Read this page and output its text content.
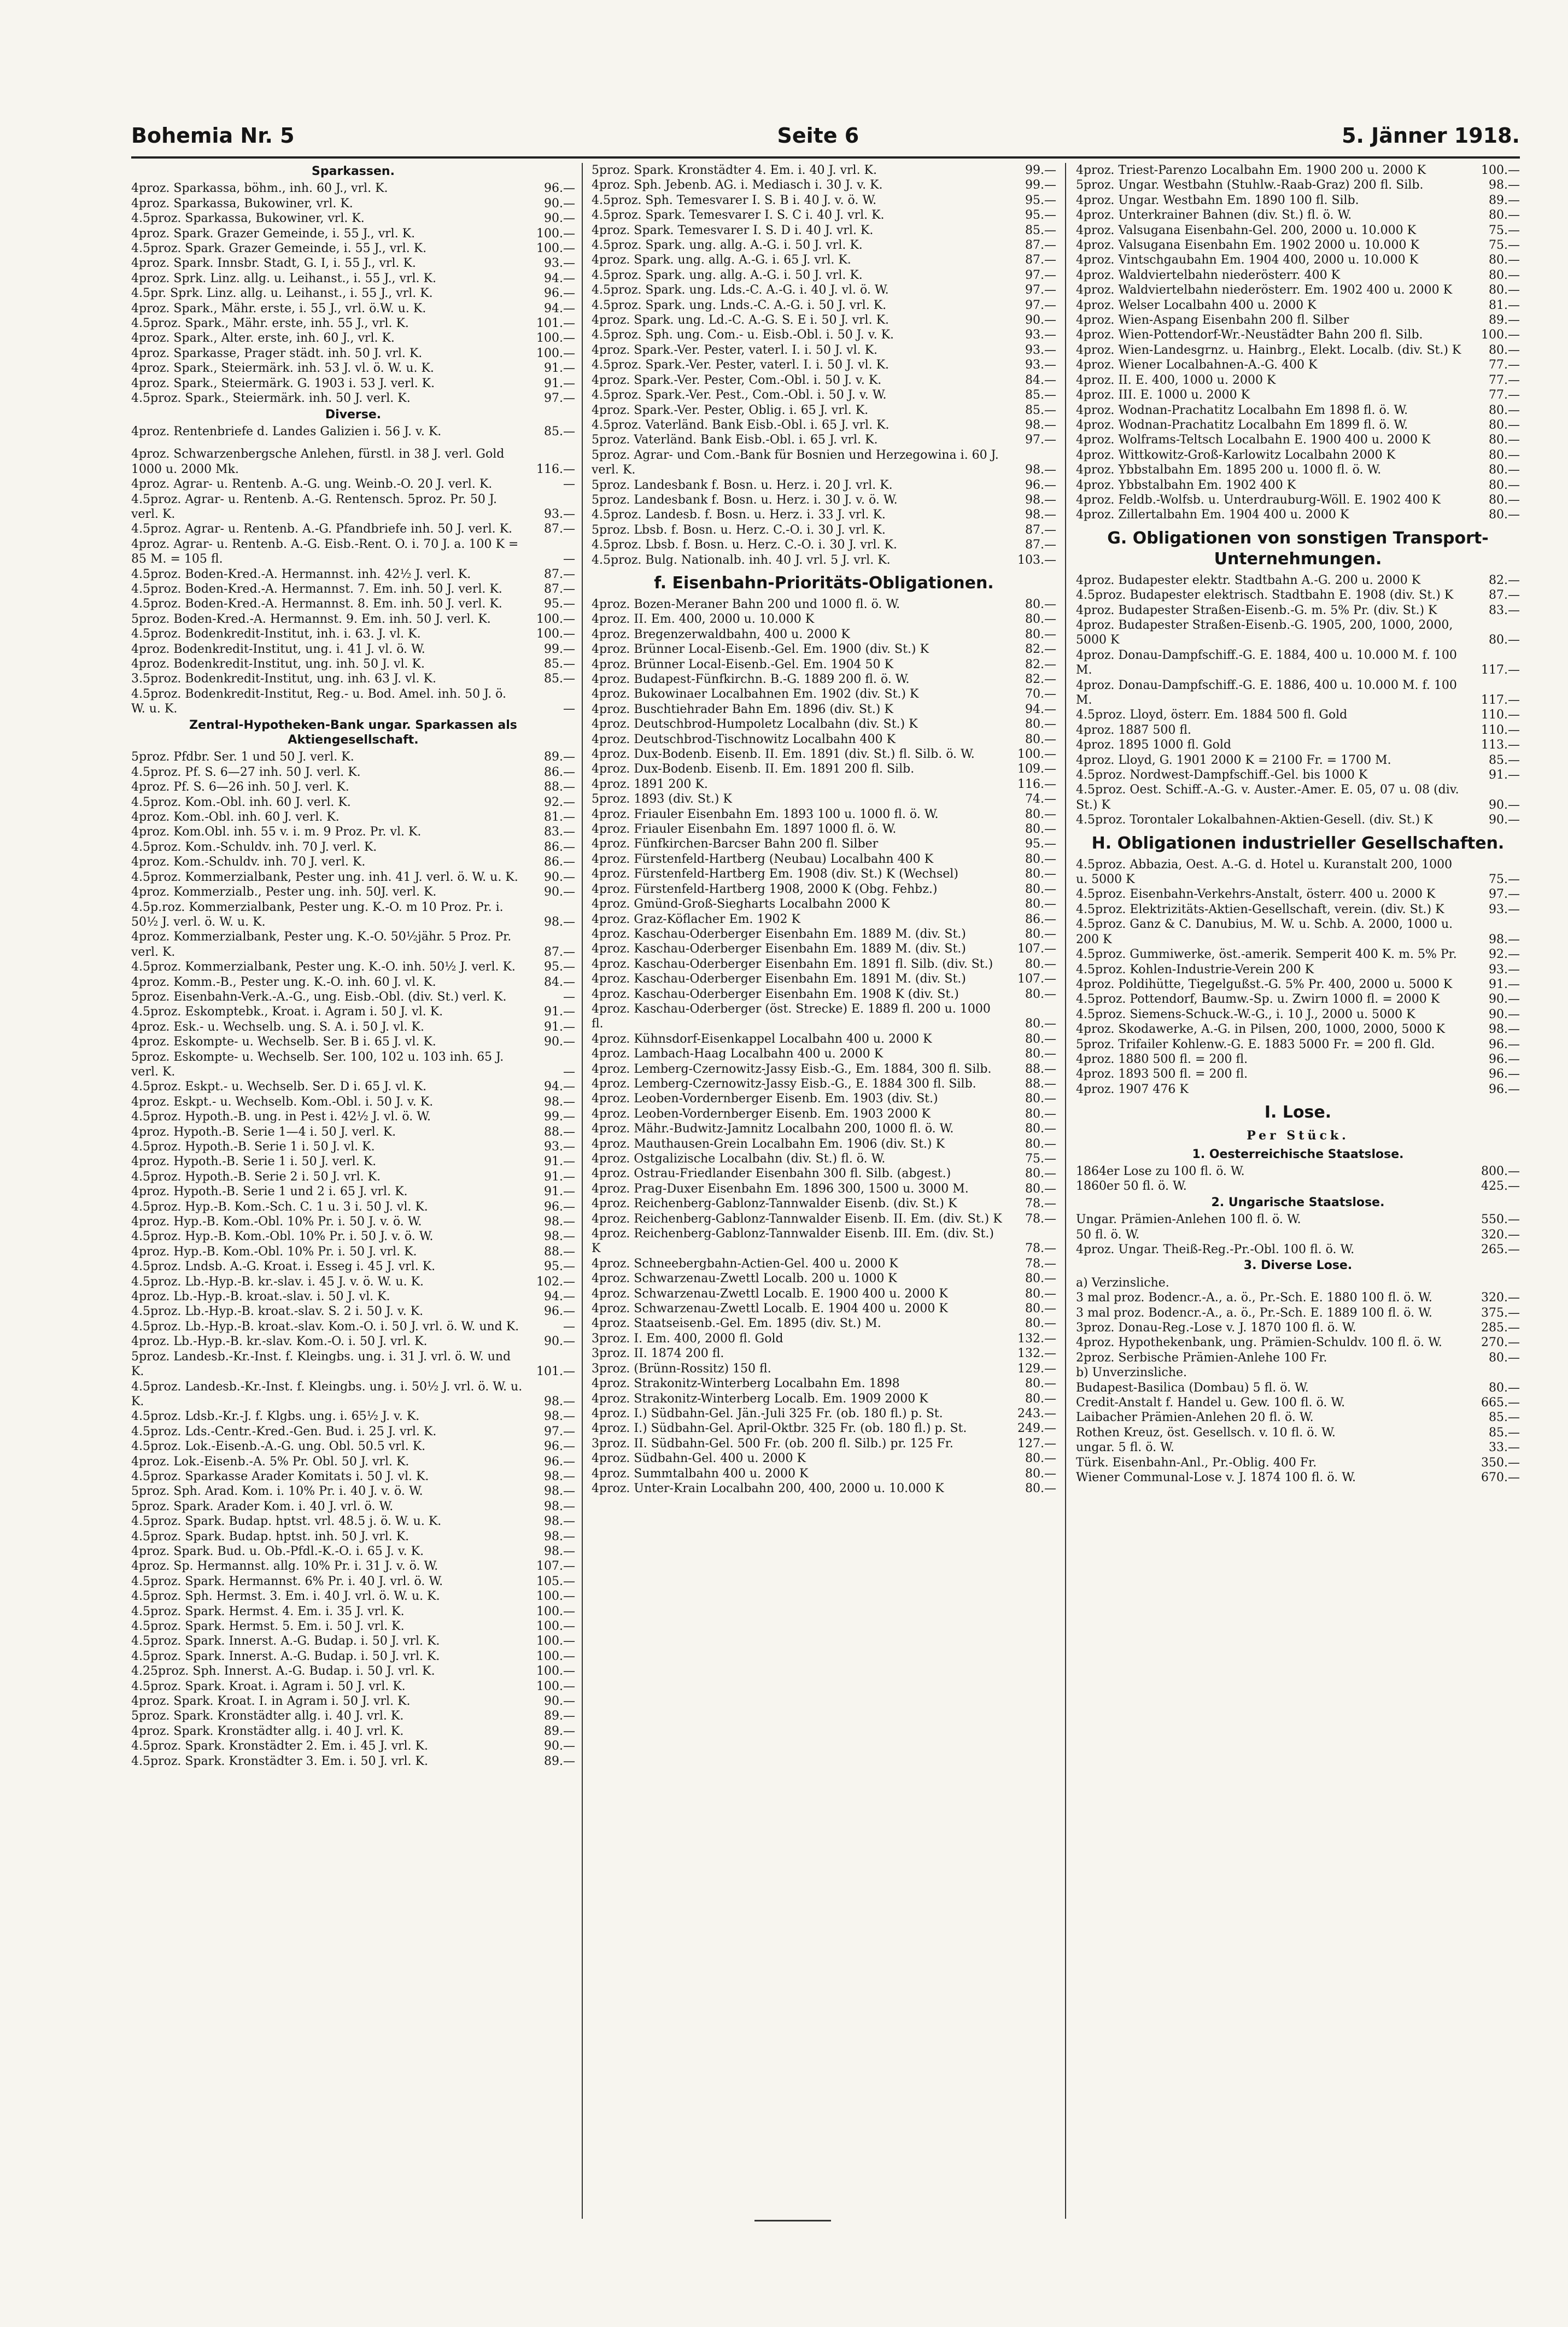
Bohemia Nr. 5	Seite 6	5. Jänner 1918.
Sparkassen.
4proz. Sparkassa, böhm., inh. 60 J., vrl. K.	96.—
4proz. Sparkassa, Bukowiner, vrl. K.	90.—
4.5proz. Sparkassa, Bukowiner, vrl. K.	90.—
4proz. Spark. Grazer Gemeinde, i. 55 J., vrl. K.	100.—
4.5proz. Spark. Grazer Gemeinde, i. 55 J., vrl. K.	100.—
4proz. Spark. Innsbr. Stadt, G. I, i. 55 J., vrl. K.	93.—
4proz. Sprk. Linz. allg. u. Leihanst., i. 55 J., vrl. K.	94.—
4.5pr. Sprk. Linz. allg. u. Leihanst., i. 55 J., vrl. K.	96.—
4proz. Spark., Mähr. erste, i. 55 J., vrl. ö.W. u. K.	94.—
4.5proz. Spark., Mähr. erste, inh. 55 J., vrl. K.	101.—
4proz. Spark., Alter. erste, inh. 60 J., vrl. K.	100.—
4proz. Sparkasse, Prager städt. inh. 50 J. vrl. K.	100.—
4proz. Spark., Steiermärk. inh. 53 J. vl. ö. W. u. K.	91.—
4proz. Spark., Steiermärk. G. 1903 i. 53 J. verl. K.	91.—
4.5proz. Spark., Steiermärk. inh. 50 J. verl. K.	97.—
Diverse.
4proz. Rentenbriefe d. Landes Galizien i. 56 J. v. K.	85.—
4proz. Schwarzenbergsche Anlehen, fürstl. in 38 J. verl. Gold 1000 u. 2000 Mk.	116.—
4proz. Agrar- u. Rentenb. A.-G. ung. Weinb.-O. 20 J. verl. K.	—
4.5proz. Agrar- u. Rentenb. A.-G. Rentensch. 5proz. Pr. 50 J. verl. K.	93.—
4.5proz. Agrar- u. Rentenb. A.-G. Pfandbriefe inh. 50 J. verl. K.	87.—
4proz. Agrar- u. Rentenb. A.-G. Eisb.-Rent. O. i. 70 J. a. 100 K = 85 M. = 105 fl.	—
4.5proz. Boden-Kred.-A. Hermannst. inh. 42½ J. verl. K.	87.—
4.5proz. Boden-Kred.-A. Hermannst. 7. Em. inh. 50 J. verl. K.	87.—
4.5proz. Boden-Kred.-A. Hermannst. 8. Em. inh. 50 J. verl. K.	95.—
5proz. Boden-Kred.-A. Hermannst. 9. Em. inh. 50 J. verl. K.	100.—
4.5proz. Bodenkredit-Institut, inh. i. 63. J. vl. K.	100.—
4proz. Bodenkredit-Institut, ung. i. 41 J. vl. ö. W.	99.—
4proz. Bodenkredit-Institut, ung. inh. 50 J. vl. K.	85.—
3.5proz. Bodenkredit-Institut, ung. inh. 63 J. vl. K.	85.—
4.5proz. Bodenkredit-Institut, Reg.- u. Bod. Amel. inh. 50 J. ö. W. u. K.	—
Zentral-Hypotheken-Bank ungar. Sparkassen als Aktiengesellschaft.
5proz. Pfdbr. Ser. 1 und 50 J. verl. K.	89.—
4.5proz. Pf. S. 6—27 inh. 50 J. verl. K.	86.—
4proz. Pf. S. 6—26 inh. 50 J. verl. K.	88.—
4.5proz. Kom.-Obl. inh. 60 J. verl. K.	92.—
4proz. Kom.-Obl. inh. 60 J. verl. K.	81.—
4proz. Kom.Obl. inh. 55 v. i. m. 9 Proz. Pr. vl. K.	83.—
4.5proz. Kom.-Schuldv. inh. 70 J. verl. K.	86.—
4proz. Kom.-Schuldv. inh. 70 J. verl. K.	86.—
4.5proz. Kommerzialbank, Pester ung. inh. 41 J. verl. ö. W. u. K.	90.—
4proz. Kommerzialb., Pester ung. inh. 50J. verl. K.	90.—
4.5p.roz. Kommerzialbank, Pester ung. K.-O. m 10 Proz. Pr. i. 50½ J. verl. ö. W. u. K.	98.—
4proz. Kommerzialbank, Pester ung. K.-O. 50½jähr. 5 Proz. Pr. verl. K.	87.—
4.5proz. Kommerzialbank, Pester ung. K.-O. inh. 50½ J. verl. K.	95.—
4proz. Komm.-B., Pester ung. K.-O. inh. 60 J. vl. K.	84.—
5proz. Eisenbahn-Verk.-A.-G., ung. Eisb.-Obl. (div. St.) verl. K.	—
4.5proz. Eskomptebk., Kroat. i. Agram i. 50 J. vl. K.	91.—
4proz. Esk.- u. Wechselb. ung. S. A. i. 50 J. vl. K.	91.—
4proz. Eskompte- u. Wechselb. Ser. B i. 65 J. vl. K.	90.—
5proz. Eskompte- u. Wechselb. Ser. 100, 102 u. 103 inh. 65 J. verl. K.	—
4.5proz. Eskpt.- u. Wechselb. Ser. D i. 65 J. vl. K.	94.—
4proz. Eskpt.- u. Wechselb. Kom.-Obl. i. 50 J. v. K.	98.—
4.5proz. Hypoth.-B. ung. in Pest i. 42½ J. vl. ö. W.	99.—
4proz. Hypoth.-B. Serie 1—4 i. 50 J. verl. K.	88.—
4.5proz. Hypoth.-B. Serie 1 i. 50 J. vl. K.	93.—
4proz. Hypoth.-B. Serie 1 i. 50 J. verl. K.	91.—
4.5proz. Hypoth.-B. Serie 2 i. 50 J. vrl. K.	91.—
4proz. Hypoth.-B. Serie 1 und 2 i. 65 J. vrl. K.	91.—
4.5proz. Hyp.-B. Kom.-Sch. C. 1 u. 3 i. 50 J. vl. K.	96.—
4proz. Hyp.-B. Kom.-Obl. 10% Pr. i. 50 J. v. ö. W.	98.—
4.5proz. Hyp.-B. Kom.-Obl. 10% Pr. i. 50 J. v. ö. W.	98.—
4proz. Hyp.-B. Kom.-Obl. 10% Pr. i. 50 J. vrl. K.	88.—
4.5proz. Lndsb. A.-G. Kroat. i. Esseg i. 45 J. vrl. K.	95.—
4.5proz. Lb.-Hyp.-B. kr.-slav. i. 45 J. v. ö. W. u. K.	102.—
4proz. Lb.-Hyp.-B. kroat.-slav. i. 50 J. vl. K.	94.—
4.5proz. Lb.-Hyp.-B. kroat.-slav. S. 2 i. 50 J. v. K.	96.—
4.5proz. Lb.-Hyp.-B. kroat.-slav. Kom.-O. i. 50 J. vrl. ö. W. und K.	—
4proz. Lb.-Hyp.-B. kr.-slav. Kom.-O. i. 50 J. vrl. K.	90.—
5proz. Landesb.-Kr.-Inst. f. Kleingbs. ung. i. 31 J. vrl. ö. W. und K.	101.—
4.5proz. Landesb.-Kr.-Inst. f. Kleingbs. ung. i. 50½ J. vrl. ö. W. u. K.	98.—
4.5proz. Ldsb.-Kr.-J. f. Klgbs. ung. i. 65½ J. v. K.	98.—
4.5proz. Lds.-Centr.-Kred.-Gen. Bud. i. 25 J. vrl. K.	97.—
4.5proz. Lok.-Eisenb.-A.-G. ung. Obl. 50.5 vrl. K.	96.—
4proz. Lok.-Eisenb.-A. 5% Pr. Obl. 50 J. vrl. K.	96.—
4.5proz. Sparkasse Arader Komitats i. 50 J. vl. K.	98.—
5proz. Sph. Arad. Kom. i. 10% Pr. i. 40 J. v. ö. W.	98.—
5proz. Spark. Arader Kom. i. 40 J. vrl. ö. W.	98.—
4.5proz. Spark. Budap. hptst. vrl. 48.5 j. ö. W. u. K.	98.—
4.5proz. Spark. Budap. hptst. inh. 50 J. vrl. K.	98.—
4proz. Spark. Bud. u. Ob.-Pfdl.-K.-O. i. 65 J. v. K.	98.—
4proz. Sp. Hermannst. allg. 10% Pr. i. 31 J. v. ö. W.	107.—
4.5proz. Spark. Hermannst. 6% Pr. i. 40 J. vrl. ö. W.	105.—
4.5proz. Sph. Hermst. 3. Em. i. 40 J. vrl. ö. W. u. K.	100.—
4.5proz. Spark. Hermst. 4. Em. i. 35 J. vrl. K.	100.—
4.5proz. Spark. Hermst. 5. Em. i. 50 J. vrl. K.	100.—
4.5proz. Spark. Innerst. A.-G. Budap. i. 50 J. vrl. K.	100.—
4.5proz. Spark. Innerst. A.-G. Budap. i. 50 J. vrl. K.	100.—
4.25proz. Sph. Innerst. A.-G. Budap. i. 50 J. vrl. K.	100.—
4.5proz. Spark. Kroat. i. Agram i. 50 J. vrl. K.	100.—
4proz. Spark. Kroat. I. in Agram i. 50 J. vrl. K.	90.—
5proz. Spark. Kronstädter allg. i. 40 J. vrl. K.	89.—
4proz. Spark. Kronstädter allg. i. 40 J. vrl. K.	89.—
4.5proz. Spark. Kronstädter 2. Em. i. 45 J. vrl. K.	90.—
4.5proz. Spark. Kronstädter 3. Em. i. 50 J. vrl. K.	89.—
5proz. Spark. Kronstädter 4. Em. i. 40 J. vrl. K.	99.—
4proz. Sph. Jebenb. AG. i. Mediasch i. 30 J. v. K.	99.—
4.5proz. Sph. Temesvarer I. S. B i. 40 J. v. ö. W.	95.—
4.5proz. Spark. Temesvarer I. S. C i. 40 J. vrl. K.	95.—
4proz. Spark. Temesvarer I. S. D i. 40 J. vrl. K.	85.—
4.5proz. Spark. ung. allg. A.-G. i. 50 J. vrl. K.	87.—
4proz. Spark. ung. allg. A.-G. i. 65 J. vrl. K.	87.—
4.5proz. Spark. ung. allg. A.-G. i. 50 J. vrl. K.	97.—
4.5proz. Spark. ung. Lds.-C. A.-G. i. 40 J. vl. ö. W.	97.—
4.5proz. Spark. ung. Lnds.-C. A.-G. i. 50 J. vrl. K.	97.—
4proz. Spark. ung. Ld.-C. A.-G. S. E i. 50 J. vrl. K.	90.—
4.5proz. Sph. ung. Com.- u. Eisb.-Obl. i. 50 J. v. K.	93.—
4proz. Spark.-Ver. Pester, vaterl. I. i. 50 J. vl. K.	93.—
4.5proz. Spark.-Ver. Pester, vaterl. I. i. 50 J. vl. K.	93.—
4proz. Spark.-Ver. Pester, Com.-Obl. i. 50 J. v. K.	84.—
4.5proz. Spark.-Ver. Pest., Com.-Obl. i. 50 J. v. W.	85.—
4proz. Spark.-Ver. Pester, Oblig. i. 65 J. vrl. K.	85.—
4.5proz. Vaterländ. Bank Eisb.-Obl. i. 65 J. vrl. K.	98.—
5proz. Vaterländ. Bank Eisb.-Obl. i. 65 J. vrl. K.	97.—
5proz. Agrar- und Com.-Bank für Bosnien und Herzegowina i. 60 J. verl. K.	98.—
5proz. Landesbank f. Bosn. u. Herz. i. 20 J. vrl. K.	96.—
5proz. Landesbank f. Bosn. u. Herz. i. 30 J. v. ö. W.	98.—
4.5proz. Landesb. f. Bosn. u. Herz. i. 33 J. vrl. K.	98.—
5proz. Lbsb. f. Bosn. u. Herz. C.-O. i. 30 J. vrl. K.	87.—
4.5proz. Lbsb. f. Bosn. u. Herz. C.-O. i. 30 J. vrl. K.	87.—
4.5proz. Bulg. Nationalb. inh. 40 J. vrl. 5 J. vrl. K.	103.—
f. Eisenbahn-Prioritäts-Obligationen.
4proz. Bozen-Meraner Bahn 200 und 1000 fl. ö. W.	80.—
4proz. II. Em. 400, 2000 u. 10.000 K	80.—
4proz. Bregenzerwaldbahn, 400 u. 2000 K	80.—
4proz. Brünner Local-Eisenb.-Gel. Em. 1900 (div. St.) K	82.—
4proz. Brünner Local-Eisenb.-Gel. Em. 1904 50 K	82.—
4proz. Budapest-Fünfkirchn. B.-G. 1889 200 fl. ö. W.	82.—
4proz. Bukowinaer Localbahnen Em. 1902 (div. St.) K	70.—
4proz. Buschtiehrader Bahn Em. 1896 (div. St.) K	94.—
4proz. Deutschbrod-Humpoletz Localbahn (div. St.) K	80.—
4proz. Deutschbrod-Tischnowitz Localbahn 400 K	80.—
4proz. Dux-Bodenb. Eisenb. II. Em. 1891 (div. St.) fl. Silb. ö. W.	100.—
4proz. Dux-Bodenb. Eisenb. II. Em. 1891 200 fl. Silb.	109.—
4proz. 1891 200 K.	116.—
5proz. 1893 (div. St.) K	74.—
4proz. Friauler Eisenbahn Em. 1893 100 u. 1000 fl. ö. W.	80.—
4proz. Friauler Eisenbahn Em. 1897 1000 fl. ö. W.	80.—
4proz. Fünfkirchen-Barcser Bahn 200 fl. Silber	95.—
4proz. Fürstenfeld-Hartberg (Neubau) Localbahn 400 K	80.—
4proz. Fürstenfeld-Hartberg Em. 1908 (div. St.) K (Wechsel)	80.—
4proz. Fürstenfeld-Hartberg 1908, 2000 K (Obg. Fehbz.)	80.—
4proz. Gmünd-Groß-Siegharts Localbahn 2000 K	80.—
4proz. Graz-Köflacher Em. 1902 K	86.—
4proz. Kaschau-Oderberger Eisenbahn Em. 1889 M. (div. St.)	80.—
4proz. Kaschau-Oderberger Eisenbahn Em. 1889 M. (div. St.)	107.—
4proz. Kaschau-Oderberger Eisenbahn Em. 1891 fl. Silb. (div. St.)	80.—
4proz. Kaschau-Oderberger Eisenbahn Em. 1891 M. (div. St.)	107.—
4proz. Kaschau-Oderberger Eisenbahn Em. 1908 K (div. St.)	80.—
4proz. Kaschau-Oderberger (öst. Strecke) E. 1889 fl. 200 u. 1000 fl.	80.—
4proz. Kühnsdorf-Eisenkappel Localbahn 400 u. 2000 K	80.—
4proz. Lambach-Haag Localbahn 400 u. 2000 K	80.—
4proz. Lemberg-Czernowitz-Jassy Eisb.-G., Em. 1884, 300 fl. Silb.	88.—
4proz. Lemberg-Czernowitz-Jassy Eisb.-G., E. 1884 300 fl. Silb.	88.—
4proz. Leoben-Vordernberger Eisenb. Em. 1903 (div. St.)	80.—
4proz. Leoben-Vordernberger Eisenb. Em. 1903 2000 K	80.—
4proz. Mähr.-Budwitz-Jamnitz Localbahn 200, 1000 fl. ö. W.	80.—
4proz. Mauthausen-Grein Localbahn Em. 1906 (div. St.) K	80.—
4proz. Ostgalizische Localbahn (div. St.) fl. ö. W.	75.—
4proz. Ostrau-Friedlander Eisenbahn 300 fl. Silb. (abgest.)	80.—
4proz. Prag-Duxer Eisenbahn Em. 1896 300, 1500 u. 3000 M.	80.—
4proz. Reichenberg-Gablonz-Tannwalder Eisenb. (div. St.) K	78.—
4proz. Reichenberg-Gablonz-Tannwalder Eisenb. II. Em. (div. St.) K	78.—
4proz. Reichenberg-Gablonz-Tannwalder Eisenb. III. Em. (div. St.) K	78.—
4proz. Schneebergbahn-Actien-Gel. 400 u. 2000 K	78.—
4proz. Schwarzenau-Zwettl Localb. 200 u. 1000 K	80.—
4proz. Schwarzenau-Zwettl Localb. E. 1900 400 u. 2000 K	80.—
4proz. Schwarzenau-Zwettl Localb. E. 1904 400 u. 2000 K	80.—
4proz. Staatseisenb.-Gel. Em. 1895 (div. St.) M.	80.—
3proz. I. Em. 400, 2000 fl. Gold	132.—
3proz. II. 1874 200 fl.	132.—
3proz. (Brünn-Rossitz) 150 fl.	129.—
4proz. Strakonitz-Winterberg Localbahn Em. 1898	80.—
4proz. Strakonitz-Winterberg Localb. Em. 1909 2000 K	80.—
4proz. I.) Südbahn-Gel. Jän.-Juli 325 Fr. (ob. 180 fl.) p. St.	243.—
4proz. I.) Südbahn-Gel. April-Oktbr. 325 Fr. (ob. 180 fl.) p. St.	249.—
3proz. II. Südbahn-Gel. 500 Fr. (ob. 200 fl. Silb.) pr. 125 Fr.	127.—
4proz. Südbahn-Gel. 400 u. 2000 K	80.—
4proz. Summtalbahn 400 u. 2000 K	80.—
4proz. Unter-Krain Localbahn 200, 400, 2000 u. 10.000 K	80.—
4proz. Triest-Parenzo Localbahn Em. 1900 200 u. 2000 K	100.—
5proz. Ungar. Westbahn (Stuhlw.-Raab-Graz) 200 fl. Silb.	98.—
4proz. Ungar. Westbahn Em. 1890 100 fl. Silb.	89.—
4proz. Unterkrainer Bahnen (div. St.) fl. ö. W.	80.—
4proz. Valsugana Eisenbahn-Gel. 200, 2000 u. 10.000 K	75.—
4proz. Valsugana Eisenbahn Em. 1902 2000 u. 10.000 K	75.—
4proz. Vintschgaubahn Em. 1904 400, 2000 u. 10.000 K	80.—
4proz. Waldviertelbahn niederösterr. 400 K	80.—
4proz. Waldviertelbahn niederösterr. Em. 1902 400 u. 2000 K	80.—
4proz. Welser Localbahn 400 u. 2000 K	81.—
4proz. Wien-Aspang Eisenbahn 200 fl. Silber	89.—
4proz. Wien-Pottendorf-Wr.-Neustädter Bahn 200 fl. Silb.	100.—
4proz. Wien-Landesgrnz. u. Hainbrg., Elekt. Localb. (div. St.) K	80.—
4proz. Wiener Localbahnen-A.-G. 400 K	77.—
4proz. II. E. 400, 1000 u. 2000 K	77.—
4proz. III. E. 1000 u. 2000 K	77.—
4proz. Wodnan-Prachatitz Localbahn Em 1898 fl. ö. W.	80.—
4proz. Wodnan-Prachatitz Localbahn Em 1899 fl. ö. W.	80.—
4proz. Wolframs-Teltsch Localbahn E. 1900 400 u. 2000 K	80.—
4proz. Wittkowitz-Groß-Karlowitz Localbahn 2000 K	80.—
4proz. Ybbstalbahn Em. 1895 200 u. 1000 fl. ö. W.	80.—
4proz. Ybbstalbahn Em. 1902 400 K	80.—
4proz. Feldb.-Wolfsb. u. Unterdrauburg-Wöll. E. 1902 400 K	80.—
4proz. Zillertalbahn Em. 1904 400 u. 2000 K	80.—
G. Obligationen von sonstigen Transport-Unternehmungen.
4proz. Budapester elektr. Stadtbahn A.-G. 200 u. 2000 K	82.—
4.5proz. Budapester elektrisch. Stadtbahn E. 1908 (div. St.) K	87.—
4proz. Budapester Straßen-Eisenb.-G. m. 5% Pr. (div. St.) K	83.—
4proz. Budapester Straßen-Eisenb.-G. 1905, 200, 1000, 2000, 5000 K	80.—
4proz. Donau-Dampfschiff.-G. E. 1884, 400 u. 10.000 M. f. 100 M.	117.—
4proz. Donau-Dampfschiff.-G. E. 1886, 400 u. 10.000 M. f. 100 M.	117.—
4.5proz. Lloyd, österr. Em. 1884 500 fl. Gold	110.—
4proz. 1887 500 fl.	110.—
4proz. 1895 1000 fl. Gold	113.—
4proz. Lloyd, G. 1901 2000 K = 2100 Fr. = 1700 M.	85.—
4.5proz. Nordwest-Dampfschiff.-Gel. bis 1000 K	91.—
4.5proz. Oest. Schiff.-A.-G. v. Auster.-Amer. E. 05, 07 u. 08 (div. St.) K	90.—
4.5proz. Torontaler Lokalbahnen-Aktien-Gesell. (div. St.) K	90.—
H. Obligationen industrieller Gesellschaften.
4.5proz. Abbazia, Oest. A.-G. d. Hotel u. Kuranstalt 200, 1000 u. 5000 K	75.—
4.5proz. Eisenbahn-Verkehrs-Anstalt, österr. 400 u. 2000 K	97.—
4.5proz. Elektrizitäts-Aktien-Gesellschaft, verein. (div. St.) K	93.—
4.5proz. Ganz & C. Danubius, M. W. u. Schb. A. 2000, 1000 u. 200 K	98.—
4.5proz. Gummiwerke, öst.-amerik. Semperit 400 K. m. 5% Pr.	92.—
4.5proz. Kohlen-Industrie-Verein 200 K	93.—
4proz. Poldihütte, Tiegelgußst.-G. 5% Pr. 400, 2000 u. 5000 K	91.—
4.5proz. Pottendorf, Baumw.-Sp. u. Zwirn 1000 fl. = 2000 K	90.—
4.5proz. Siemens-Schuck.-W.-G., i. 10 J., 2000 u. 5000 K	90.—
4proz. Skodawerke, A.-G. in Pilsen, 200, 1000, 2000, 5000 K	98.—
5proz. Trifailer Kohlenw.-G. E. 1883 5000 Fr. = 200 fl. Gld.	96.—
4proz. 1880 500 fl. = 200 fl.	96.—
4proz. 1893 500 fl. = 200 fl.	96.—
4proz. 1907 476 K	96.—
I. Lose.
Per Stück.
1. Oesterreichische Staatslose.
1864er Lose zu 100 fl. ö. W.	800.—
1860er 50 fl. ö. W.	425.—
2. Ungarische Staatslose.
Ungar. Prämien-Anlehen 100 fl. ö. W.	550.—
50 fl. ö. W.	320.—
4proz. Ungar. Theiß-Reg.-Pr.-Obl. 100 fl. ö. W.	265.—
3. Diverse Lose.
a) Verzinsliche.
3 mal proz. Bodencr.-A., a. ö., Pr.-Sch. E. 1880 100 fl. ö. W.	320.—
3 mal proz. Bodencr.-A., a. ö., Pr.-Sch. E. 1889 100 fl. ö. W.	375.—
3proz. Donau-Reg.-Lose v. J. 1870 100 fl. ö. W.	285.—
4proz. Hypothekenbank, ung. Prämien-Schuldv. 100 fl. ö. W.	270.—
2proz. Serbische Prämien-Anlehe 100 Fr.	80.—
b) Unverzinsliche.
Budapest-Basilica (Dombau) 5 fl. ö. W.	80.—
Credit-Anstalt f. Handel u. Gew. 100 fl. ö. W.	665.—
Laibacher Prämien-Anlehen 20 fl. ö. W.	85.—
Rothen Kreuz, öst. Gesellsch. v. 10 fl. ö. W.	85.—
ungar. 5 fl. ö. W.	33.—
Türk. Eisenbahn-Anl., Pr.-Oblig. 400 Fr.	350.—
Wiener Communal-Lose v. J. 1874 100 fl. ö. W.	670.—
